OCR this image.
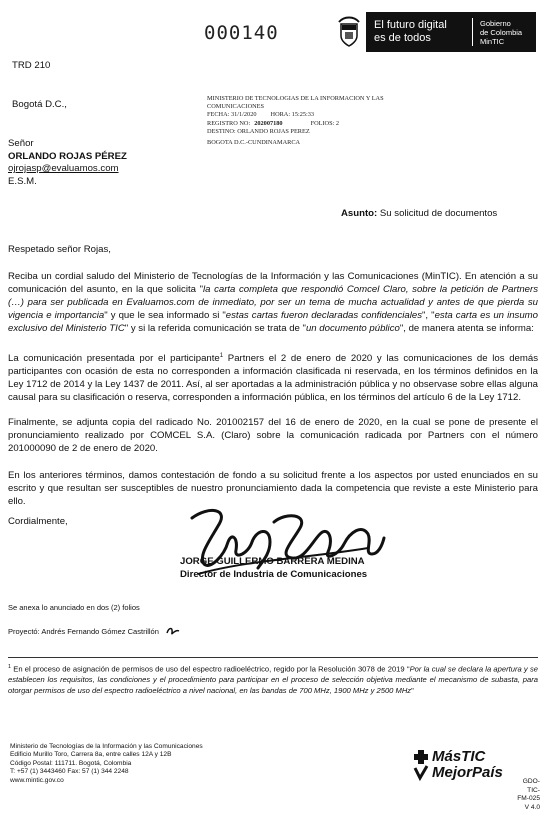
000140	El futuro digital
es de todos
Gobierno
de Colombia
MinTIC
TRD 210
Bogotá D.C.,
MINISTERIO DE TECNOLOGIAS DE LA INFORMACION Y LAS
COMUNICACIONES
FECHA: 31/1/2020 HORA: 15:25:33
REGISTRO NO: 202007180	FOLIOS: 2
DESTINO: ORLANDO ROJAS PEREZ
BOGOTA D.C.-CUNDINAMARCA
Señor
ORLANDO ROJAS PÉREZ
ojrojasp@evaluamos.com
E.S.M.
Asunto: Su solicitud de documentos
Respetado señor Rojas,
Reciba un cordial saludo del Ministerio de Tecnologías de la Información y las Comunicaciones (MinTIC). En atención a su comunicación del asunto, en la que solicita "la carta completa que respondió Comcel Claro, sobre la petición de Partners (…) para ser publicada en Evaluamos.com de inmediato, por ser un tema de mucha actualidad y antes de que pierda su vigencia e importancia" y que le sea informado si "estas cartas fueron declaradas confidenciales", "esta carta es un insumo exclusivo del Ministerio TIC" y si la referida comunicación se trata de "un documento público", de manera atenta se informa:
La comunicación presentada por el participante$^1$ Partners el 2 de enero de 2020 y las comunicaciones de los demás participantes con ocasión de esta no corresponden a información clasificada ni reservada, en los términos definidos en la Ley 1712 de 2014 y la Ley 1437 de 2011. Así, al ser aportadas a la administración pública y no observase sobre ellas alguna causal para su clasificación o reserva, corresponden a información pública, en los términos del artículo 6 de la Ley 1712.
Finalmente, se adjunta copia del radicado No. 201002157 del 16 de enero de 2020, en la cual se pone de presente el pronunciamiento realizado por COMCEL S.A. (Claro) sobre la comunicación radicada por Partners con el número 201000090 de 2 de enero de 2020.
En los anteriores términos, damos contestación de fondo a su solicitud frente a los aspectos por usted enunciados en su escrito y que resultan ser susceptibles de nuestro pronunciamiento dada la competencia que reviste a este Ministerio para ello.
Cordialmente,
JORGE GUILLERMO BARRERA MEDINA
Director de Industria de Comunicaciones
Se anexa lo anunciado en dos (2) folios
Proyectó: Andrés Fernando Gómez Castrillón
$^1$ En el proceso de asignación de permisos de uso del espectro radioeléctrico, regido por la Resolución 3078 de 2019 "Por la cual se declara la apertura y se establecen los requisitos, las condiciones y el procedimiento para participar en el proceso de selección objetiva mediante el mecanismo de subasta, para otorgar permisos de uso del espectro radioeléctrico a nivel nacional, en las bandas de 700 MHz, 1900 MHz y 2500 MHz"
Ministerio de Tecnologías de la Información y las Comunicaciones
Edificio Murillo Toro, Carrera 8a, entre calles 12A y 12B
Código Postal: 111711. Bogotá, Colombia
T: +57 (1) 3443460 Fax: 57 (1) 344 2248
www.mintic.gov.co
MásTIC
MejorPaís
GDO-
TIC-
FM-025
V 4.0
